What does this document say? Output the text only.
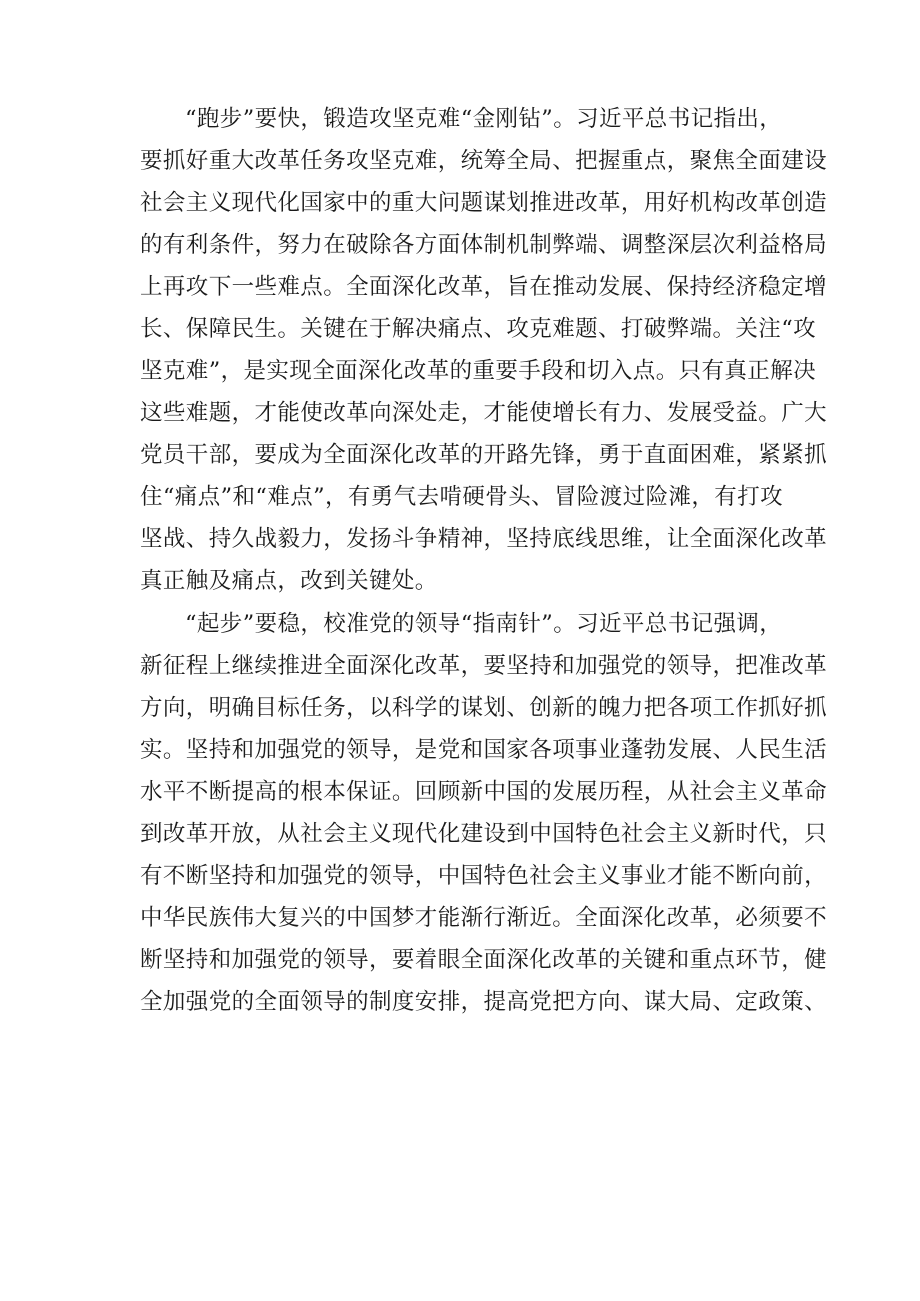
“跑步”要快，锻造攻坚克难“金刚钻”。习近平总书记指出，
要抓好重大改革任务攻坚克难，统筹全局、把握重点，聚焦全面建设
社会主义现代化国家中的重大问题谋划推进改革，用好机构改革创造
的有利条件，努力在破除各方面体制机制弊端、调整深层次利益格局
上再攻下一些难点。全面深化改革，旨在推动发展、保持经济稳定增
长、保障民生。关键在于解决痛点、攻克难题、打破弊端。关注“攻
坚克难”，是实现全面深化改革的重要手段和切入点。只有真正解决
这些难题，才能使改革向深处走，才能使增长有力、发展受益。广大
党员干部，要成为全面深化改革的开路先锋，勇于直面困难，紧紧抓
住“痛点”和“难点”，有勇气去啃硬骨头、冒险渡过险滩，有打攻
坚战、持久战毅力，发扬斗争精神，坚持底线思维，让全面深化改革
真正触及痛点，改到关键处。
“起步”要稳，校准党的领导“指南针”。习近平总书记强调，
新征程上继续推进全面深化改革，要坚持和加强党的领导，把准改革
方向，明确目标任务，以科学的谋划、创新的魄力把各项工作抓好抓
实。坚持和加强党的领导，是党和国家各项事业蓬勃发展、人民生活
水平不断提高的根本保证。回顾新中国的发展历程，从社会主义革命
到改革开放，从社会主义现代化建设到中国特色社会主义新时代，只
有不断坚持和加强党的领导，中国特色社会主义事业才能不断向前，
中华民族伟大复兴的中国梦才能渐行渐近。全面深化改革，必须要不
断坚持和加强党的领导，要着眼全面深化改革的关键和重点环节，健
全加强党的全面领导的制度安排，提高党把方向、谋大局、定政策、
